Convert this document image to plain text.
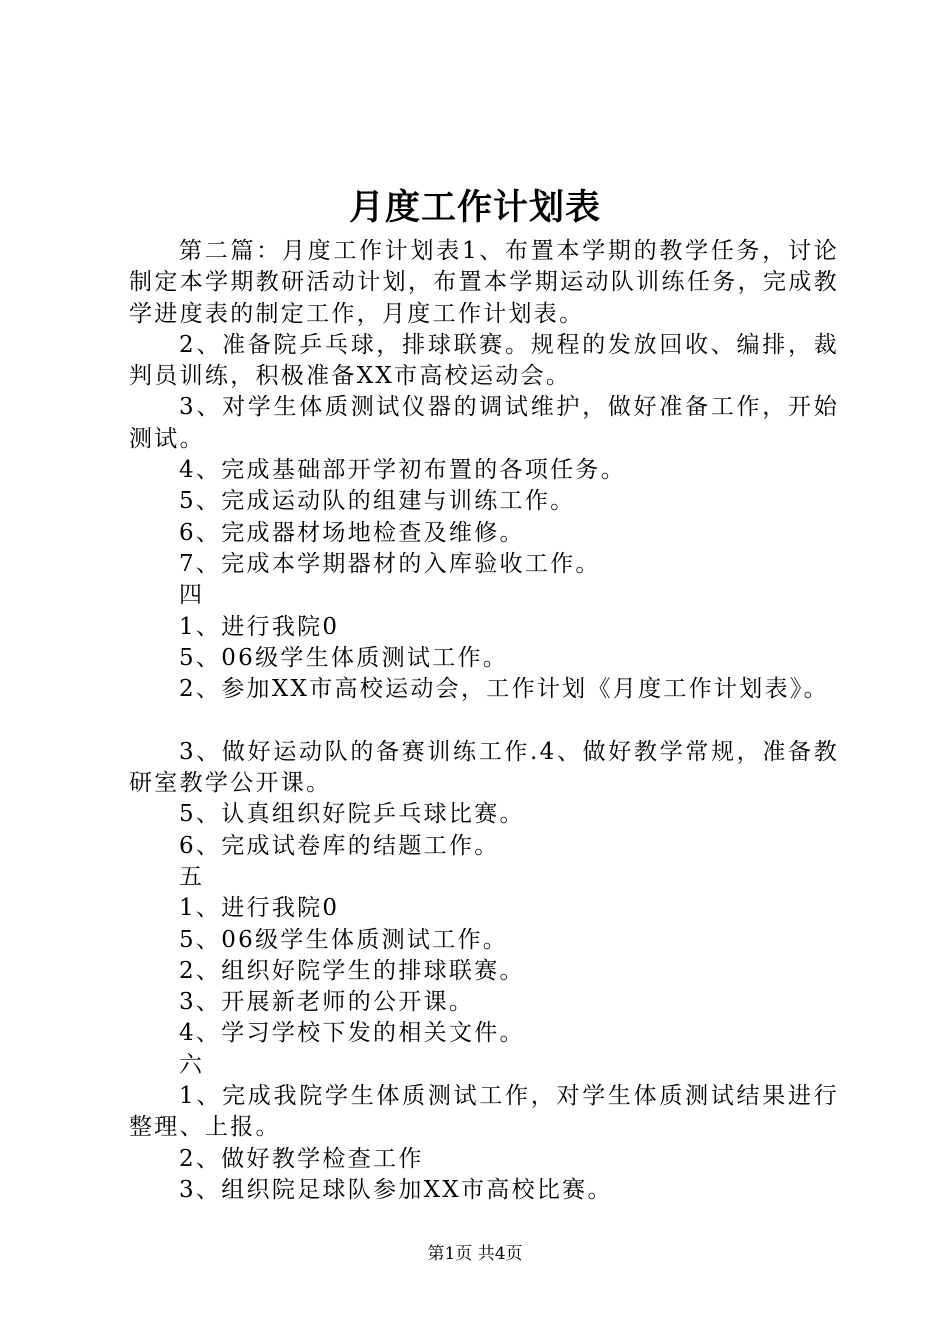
月度工作计划表

第二篇：月度工作计划表1、布置本学期的教学任务，讨论制定本学期教研活动计划，布置本学期运动队训练任务，完成教学进度表的制定工作，月度工作计划表。

2、准备院乒乓球，排球联赛。规程的发放回收、编排，裁判员训练，积极准备XX市高校运动会。

3、对学生体质测试仪器的调试维护，做好准备工作，开始测试。

4、完成基础部开学初布置的各项任务。

5、完成运动队的组建与训练工作。

6、完成器材场地检查及维修。

7、完成本学期器材的入库验收工作。

四

1、进行我院0

5、06级学生体质测试工作。

2、参加XX市高校运动会，工作计划《月度工作计划表》。

3、做好运动队的备赛训练工作.4、做好教学常规，准备教研室教学公开课。

5、认真组织好院乒乓球比赛。

6、完成试卷库的结题工作。

五

1、进行我院0

5、06级学生体质测试工作。

2、组织好院学生的排球联赛。

3、开展新老师的公开课。

4、学习学校下发的相关文件。

六

1、完成我院学生体质测试工作，对学生体质测试结果进行整理、上报。

2、做好教学检查工作

3、组织院足球队参加XX市高校比赛。

第1页 共4页
